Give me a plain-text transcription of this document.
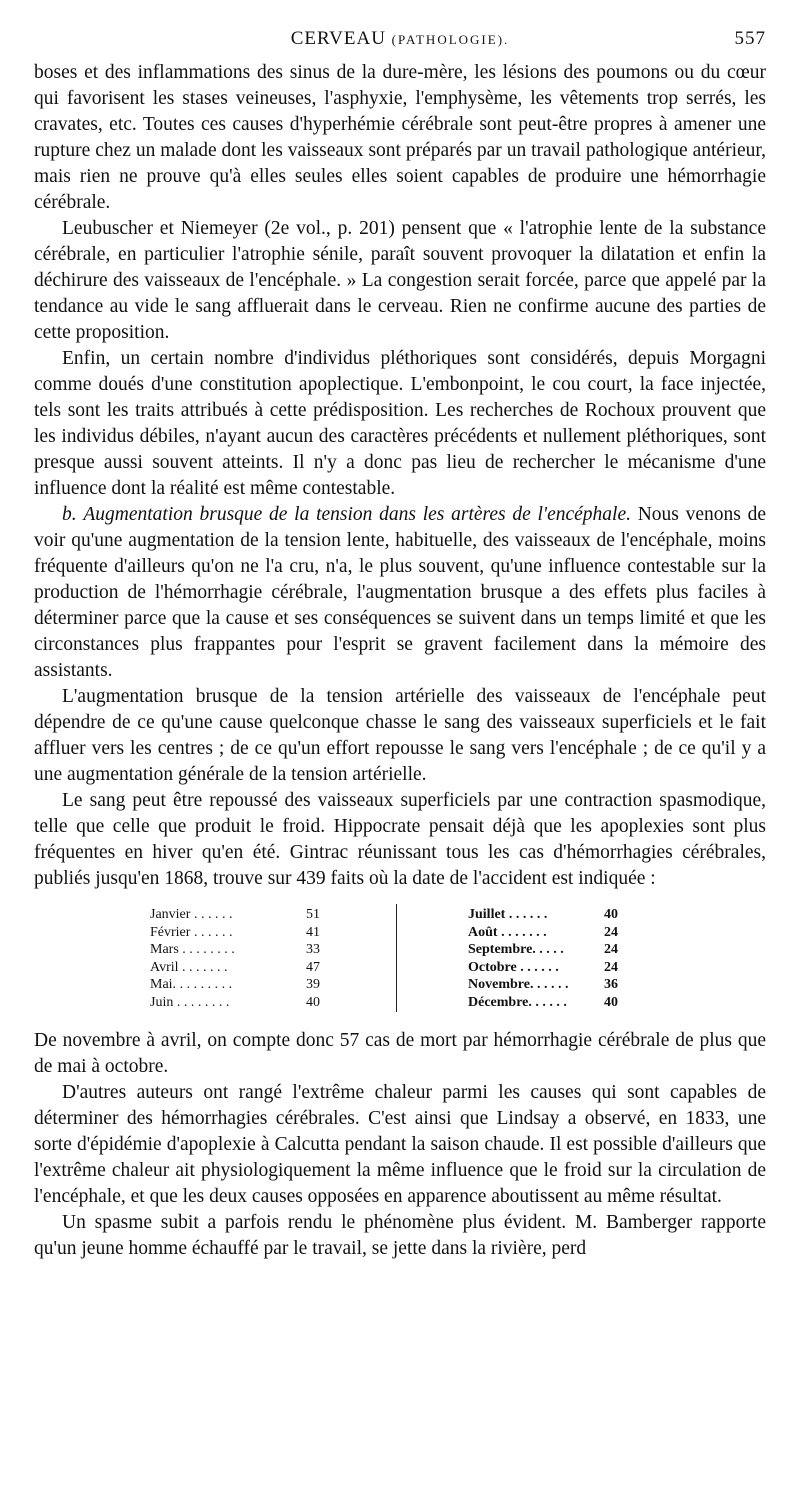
CERVEAU (PATHOLOGIE).	557

boses et des inflammations des sinus de la dure-mère, les lésions des poumons ou du cœur qui favorisent les stases veineuses, l'asphyxie, l'emphysème, les vêtements trop serrés, les cravates, etc. Toutes ces causes d'hyperhémie cérébrale sont peut-être propres à amener une rupture chez un malade dont les vaisseaux sont préparés par un travail pathologique antérieur, mais rien ne prouve qu'à elles seules elles soient capables de produire une hémorrhagie cérébrale.

Leubuscher et Niemeyer (2e vol., p. 201) pensent que « l'atrophie lente de la substance cérébrale, en particulier l'atrophie sénile, paraît souvent provoquer la dilatation et enfin la déchirure des vaisseaux de l'encéphale. » La congestion serait forcée, parce que appelé par la tendance au vide le sang affluerait dans le cerveau. Rien ne confirme aucune des parties de cette proposition.

Enfin, un certain nombre d'individus pléthoriques sont considérés, depuis Morgagni comme doués d'une constitution apoplectique. L'embonpoint, le cou court, la face injectée, tels sont les traits attribués à cette prédisposition. Les recherches de Rochoux prouvent que les individus débiles, n'ayant aucun des caractères précédents et nullement pléthoriques, sont presque aussi souvent atteints. Il n'y a donc pas lieu de rechercher le mécanisme d'une influence dont la réalité est même contestable.

b. Augmentation brusque de la tension dans les artères de l'encéphale. Nous venons de voir qu'une augmentation de la tension lente, habituelle, des vaisseaux de l'encéphale, moins fréquente d'ailleurs qu'on ne l'a cru, n'a, le plus souvent, qu'une influence contestable sur la production de l'hémorrhagie cérébrale, l'augmentation brusque a des effets plus faciles à déterminer parce que la cause et ses conséquences se suivent dans un temps limité et que les circonstances plus frappantes pour l'esprit se gravent facilement dans la mémoire des assistants.

L'augmentation brusque de la tension artérielle des vaisseaux de l'encéphale peut dépendre de ce qu'une cause quelconque chasse le sang des vaisseaux superficiels et le fait affluer vers les centres ; de ce qu'un effort repousse le sang vers l'encéphale ; de ce qu'il y a une augmentation générale de la tension artérielle.

Le sang peut être repoussé des vaisseaux superficiels par une contraction spasmodique, telle que celle que produit le froid. Hippocrate pensait déjà que les apoplexies sont plus fréquentes en hiver qu'en été. Gintrac réunissant tous les cas d'hémorrhagies cérébrales, publiés jusqu'en 1868, trouve sur 439 faits où la date de l'accident est indiquée :

Janvier . . . . . .	51
Février . . . . . .	41
Mars . . . . . . . .	33
Avril . . . . . . .	47
Mai. . . . . . . . .	39
Juin . . . . . . . .	40
Juillet . . . . . .	40
Août . . . . . . .	24
Septembre. . . . .	24
Octobre . . . . . .	24
Novembre. . . . . .	36
Décembre. . . . . .	40

De novembre à avril, on compte donc 57 cas de mort par hémorrhagie cérébrale de plus que de mai à octobre.

D'autres auteurs ont rangé l'extrême chaleur parmi les causes qui sont capables de déterminer des hémorrhagies cérébrales. C'est ainsi que Lindsay a observé, en 1833, une sorte d'épidémie d'apoplexie à Calcutta pendant la saison chaude. Il est possible d'ailleurs que l'extrême chaleur ait physiologiquement la même influence que le froid sur la circulation de l'encéphale, et que les deux causes opposées en apparence aboutissent au même résultat.

Un spasme subit a parfois rendu le phénomène plus évident. M. Bamberger rapporte qu'un jeune homme échauffé par le travail, se jette dans la rivière, perd
